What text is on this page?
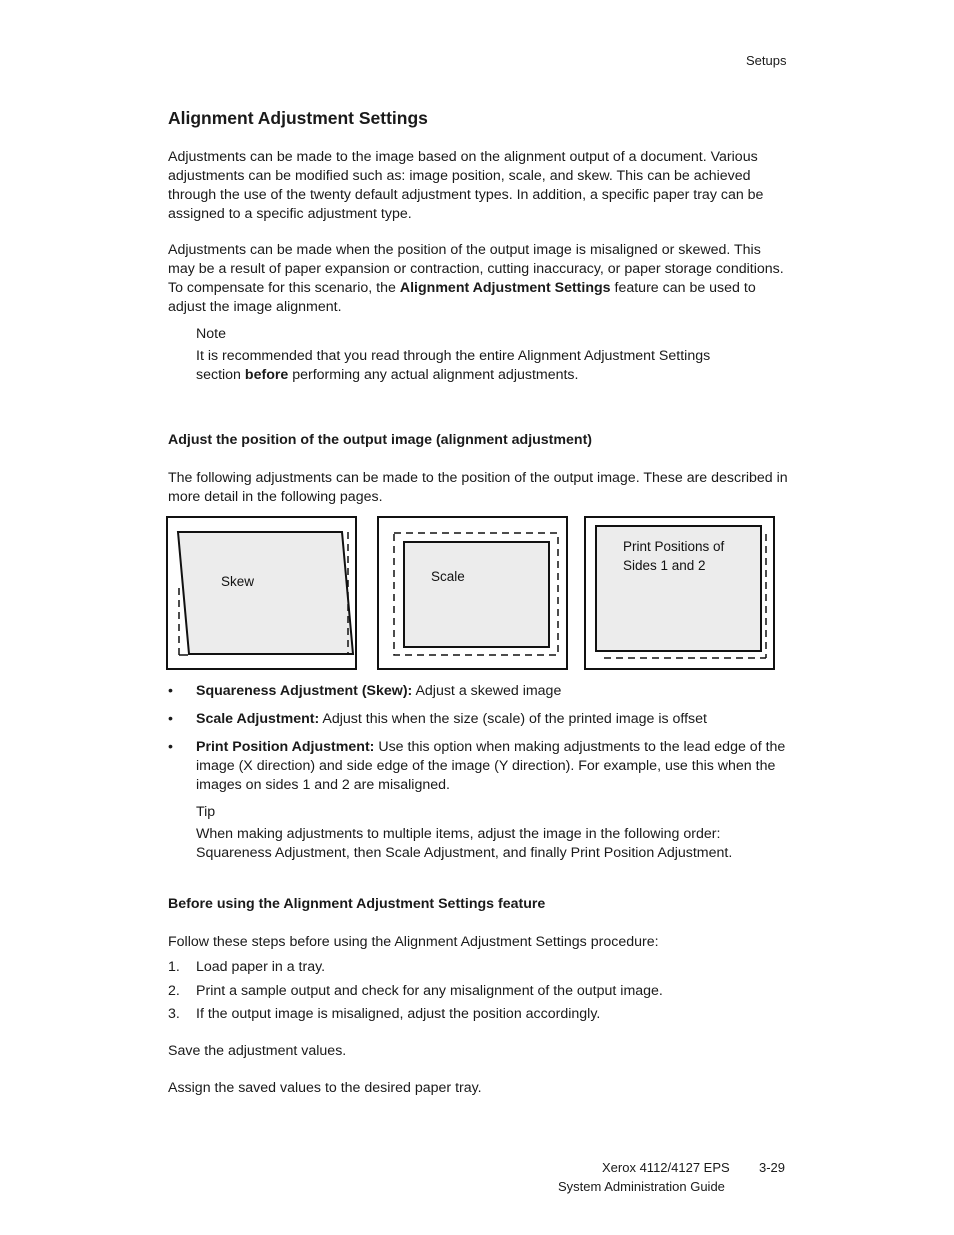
Setups
Alignment Adjustment Settings

Adjustments can be made to the image based on the alignment output of a document. Various adjustments can be modified such as: image position, scale, and skew. This can be achieved through the use of the twenty default adjustment types. In addition, a specific paper tray can be assigned to a specific adjustment type.

Adjustments can be made when the position of the output image is misaligned or skewed. This may be a result of paper expansion or contraction, cutting inaccuracy, or paper storage conditions. To compensate for this scenario, the Alignment Adjustment Settings feature can be used to adjust the image alignment.

Note

It is recommended that you read through the entire Alignment Adjustment Settings section before performing any actual alignment adjustments.

Adjust the position of the output image (alignment adjustment)

The following adjustments can be made to the position of the output image. These are described in more detail in the following pages.

Skew	Scale
Print Positions of
Sides 1 and 2
• Squareness Adjustment (Skew): Adjust a skewed image
• Scale Adjustment: Adjust this when the size (scale) of the printed image is offset
• Print Position Adjustment: Use this option when making adjustments to the lead edge of the image (X direction) and side edge of the image (Y direction). For example, use this when the images on sides 1 and 2 are misaligned.
Tip

When making adjustments to multiple items, adjust the image in the following order: Squareness Adjustment, then Scale Adjustment, and finally Print Position Adjustment.

Before using the Alignment Adjustment Settings feature

Follow these steps before using the Alignment Adjustment Settings procedure:

1. Load paper in a tray.
2. Print a sample output and check for any misalignment of the output image.
3. If the output image is misaligned, adjust the position accordingly.

Save the adjustment values.

Assign the saved values to the desired paper tray.

Xerox 4112/4127 EPS 3-29
System Administration Guide
